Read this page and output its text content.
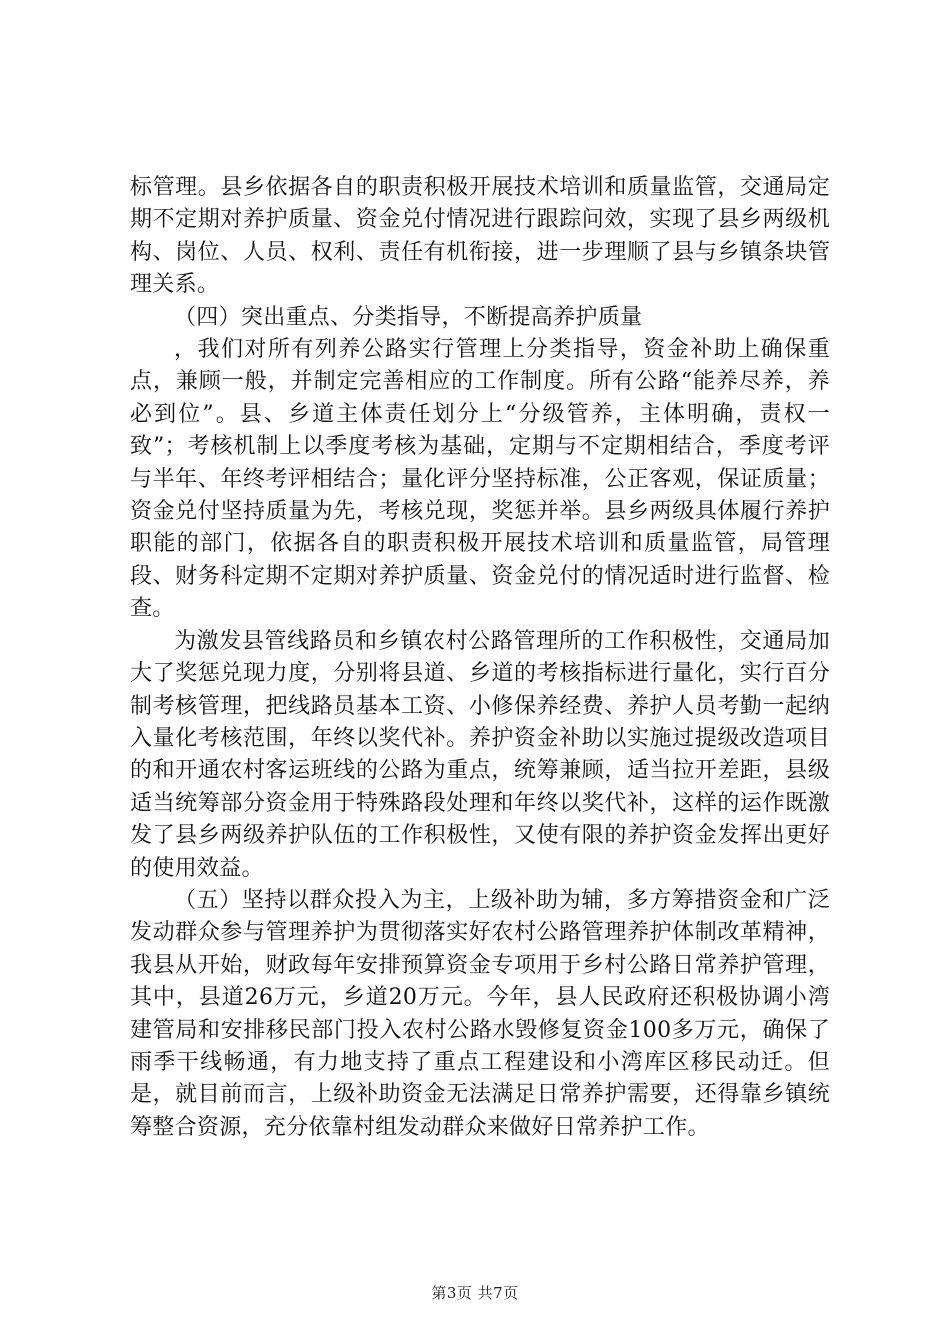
标管理。县乡依据各自的职责积极开展技术培训和质量监管，交通局定期不定期对养护质量、资金兑付情况进行跟踪问效，实现了县乡两级机构、岗位、人员、权利、责任有机衔接，进一步理顺了县与乡镇条块管理关系。

（四）突出重点、分类指导，不断提高养护质量

，我们对所有列养公路实行管理上分类指导，资金补助上确保重点，兼顾一般，并制定完善相应的工作制度。所有公路“能养尽养，养必到位”。县、乡道主体责任划分上“分级管养，主体明确，责权一致”；考核机制上以季度考核为基础，定期与不定期相结合，季度考评与半年、年终考评相结合；量化评分坚持标准，公正客观，保证质量；资金兑付坚持质量为先，考核兑现，奖惩并举。县乡两级具体履行养护职能的部门，依据各自的职责积极开展技术培训和质量监管，局管理段、财务科定期不定期对养护质量、资金兑付的情况适时进行监督、检查。

为激发县管线路员和乡镇农村公路管理所的工作积极性，交通局加大了奖惩兑现力度，分别将县道、乡道的考核指标进行量化，实行百分制考核管理，把线路员基本工资、小修保养经费、养护人员考勤一起纳入量化考核范围，年终以奖代补。养护资金补助以实施过提级改造项目的和开通农村客运班线的公路为重点，统筹兼顾，适当拉开差距，县级适当统筹部分资金用于特殊路段处理和年终以奖代补，这样的运作既激发了县乡两级养护队伍的工作积极性，又使有限的养护资金发挥出更好的使用效益。

（五）坚持以群众投入为主，上级补助为辅，多方筹措资金和广泛发动群众参与管理养护为贯彻落实好农村公路管理养护体制改革精神，我县从开始，财政每年安排预算资金专项用于乡村公路日常养护管理，其中，县道26万元，乡道20万元。今年，县人民政府还积极协调小湾建管局和安排移民部门投入农村公路水毁修复资金100多万元，确保了雨季干线畅通，有力地支持了重点工程建设和小湾库区移民动迁。但是，就目前而言，上级补助资金无法满足日常养护需要，还得靠乡镇统筹整合资源，充分依靠村组发动群众来做好日常养护工作。

第3页 共7页
